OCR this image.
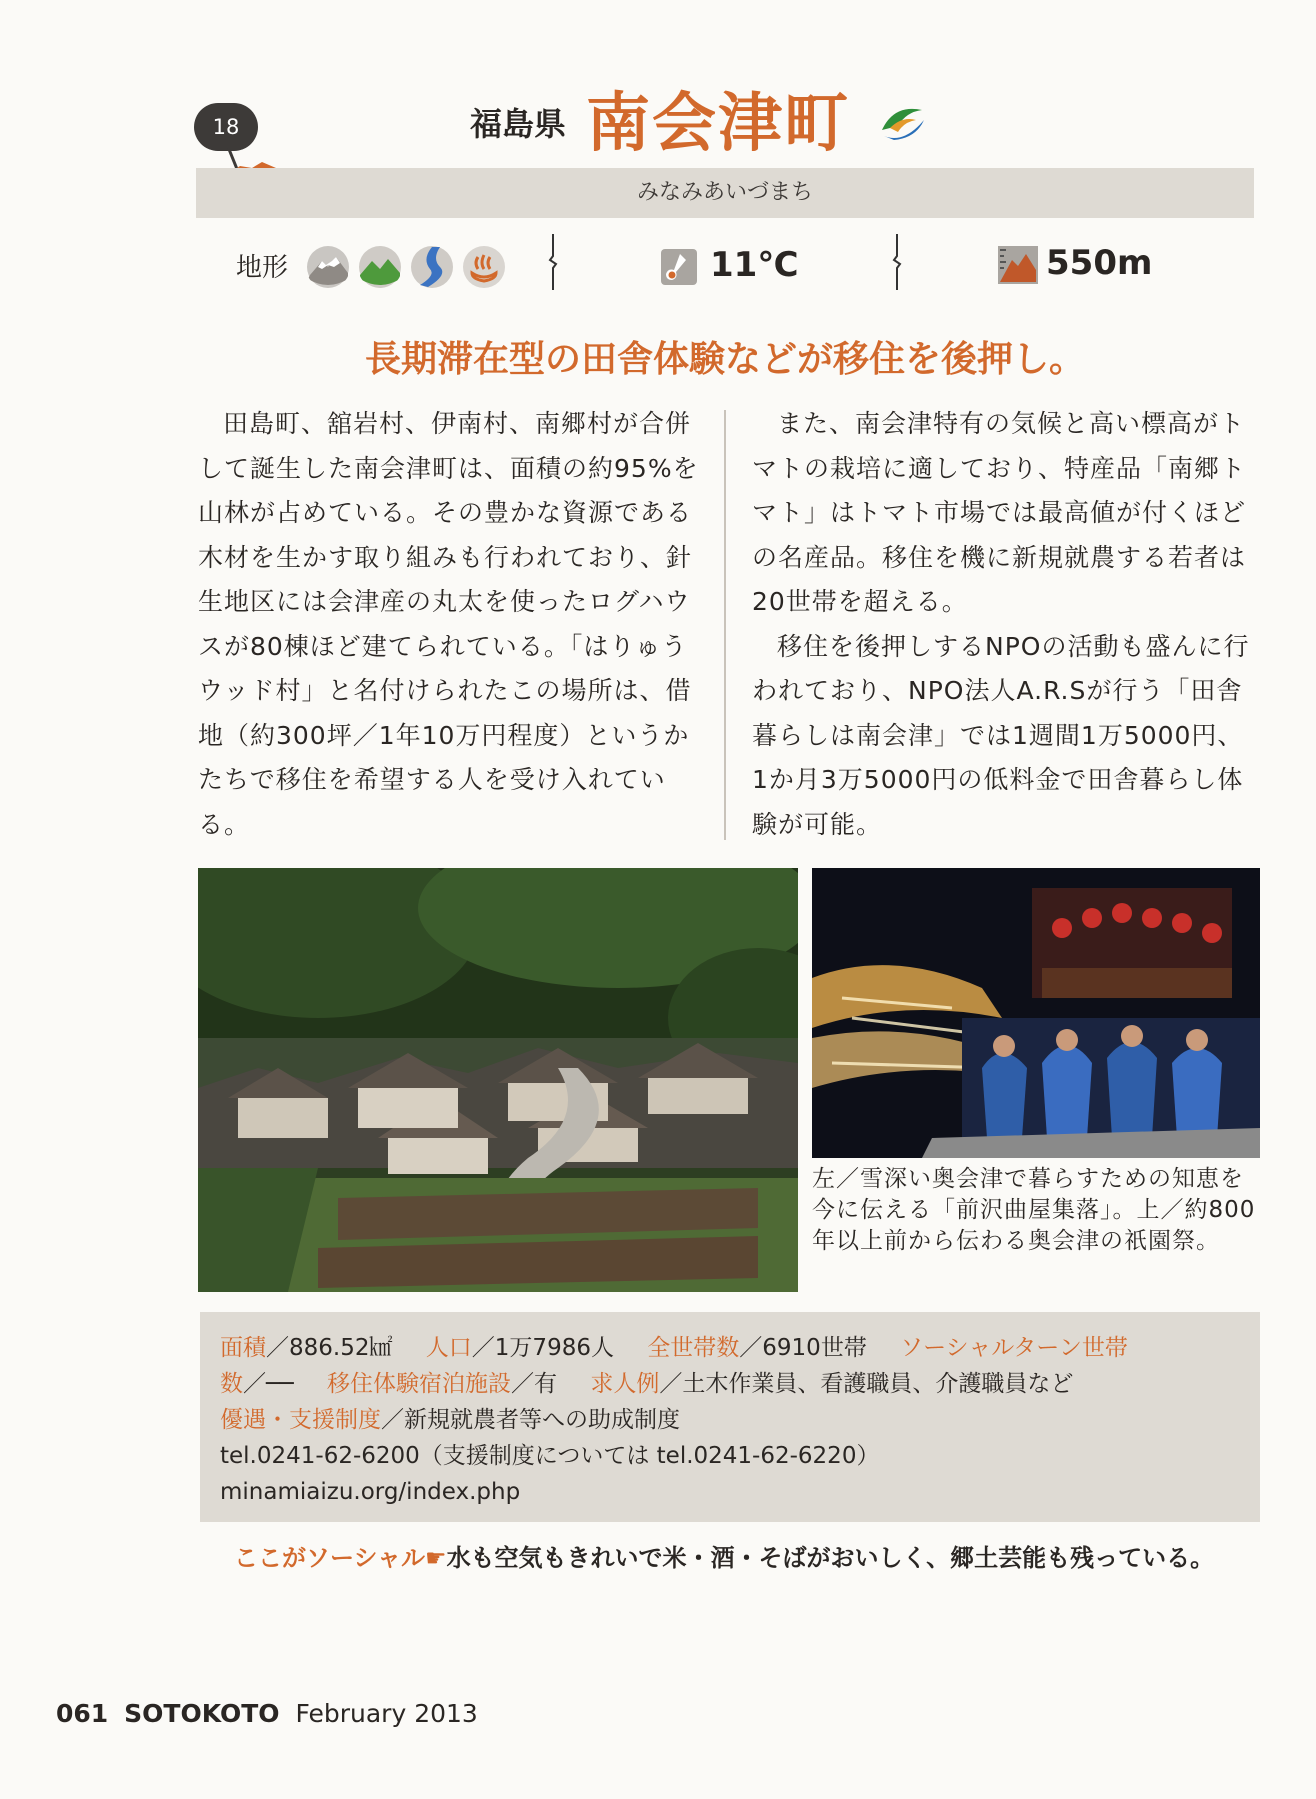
18	福島県 南会津町
みなみあいづまち
地形	11℃	550m
長期滞在型の田舎体験などが移住を後押し。

田島町、舘岩村、伊南村、南郷村が合併して誕生した南会津町は、面積の約95%を山林が占めている。その豊かな資源である木材を生かす取り組みも行われており、針生地区には会津産の丸太を使ったログハウスが80棟ほど建てられている。「はりゅうウッド村」と名付けられたこの場所は、借地（約300坪／1年10万円程度）というかたちで移住を希望する人を受け入れている。

また、南会津特有の気候と高い標高がトマトの栽培に適しており、特産品「南郷トマト」はトマト市場では最高値が付くほどの名産品。移住を機に新規就農する若者は20世帯を超える。

移住を後押しするNPOの活動も盛んに行われており、NPO法人A.R.Sが行う「田舎暮らしは南会津」では1週間1万5000円、1か月3万5000円の低料金で田舎暮らし体験が可能。

左／雪深い奥会津で暮らすための知恵を今に伝える「前沢曲屋集落」。上／約800年以上前から伝わる奥会津の祇園祭。
面積／886.52㎢ 人口／1万7986人 全世帯数／6910世帯 ソーシャルターン世帯
数／── 移住体験宿泊施設／有 求人例／土木作業員、看護職員、介護職員など
優遇・支援制度／新規就農者等への助成制度
tel.0241-62-6200（支援制度については tel.0241-62-6220）
minamiaizu.org/index.php
ここがソーシャル☛水も空気もきれいで米・酒・そばがおいしく、郷土芸能も残っている。
061 SOTOKOTO February 2013
